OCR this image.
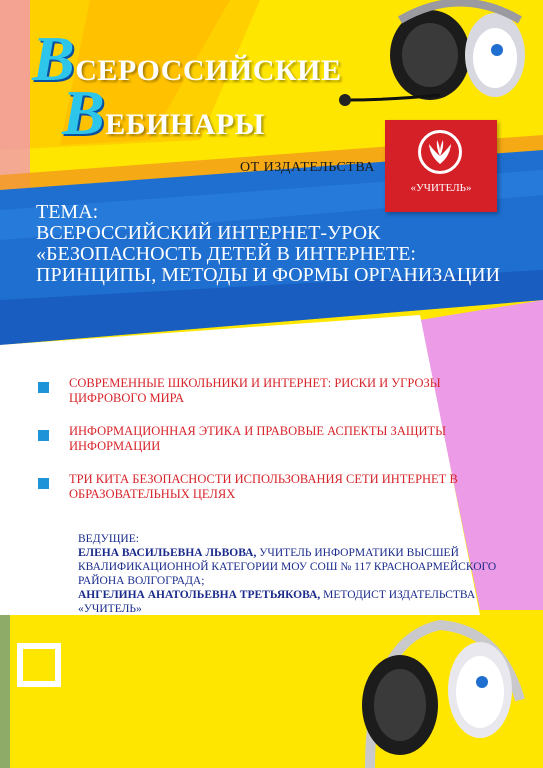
ВСЕРОССИЙСКИЕ
ВЕБИНАРЫ
ОТ ИЗДАТЕЛЬСТВА
«УЧИТЕЛЬ»
ТЕМА:
ВСЕРОССИЙСКИЙ ИНТЕРНЕТ-УРОК «БЕЗОПАСНОСТЬ ДЕТЕЙ В ИНТЕРНЕТЕ: ПРИНЦИПЫ, МЕТОДЫ И ФОРМЫ ОРГАНИЗАЦИИ
СОВРЕМЕННЫЕ ШКОЛЬНИКИ И ИНТЕРНЕТ: РИСКИ И УГРОЗЫ ЦИФРОВОГО МИРА
ИНФОРМАЦИОННАЯ ЭТИКА И ПРАВОВЫЕ АСПЕКТЫ ЗАЩИТЫ ИНФОРМАЦИИ
ТРИ КИТА БЕЗОПАСНОСТИ ИСПОЛЬЗОВАНИЯ СЕТИ ИНТЕРНЕТ В ОБРАЗОВАТЕЛЬНЫХ ЦЕЛЯХ
ВЕДУЩИЕ:
ЕЛЕНА ВАСИЛЬЕВНА ЛЬВОВА, УЧИТЕЛЬ ИНФОРМАТИКИ ВЫСШЕЙ КВАЛИФИКАЦИОННОЙ КАТЕГОРИИ МОУ СОШ № 117 КРАСНОАРМЕЙСКОГО РАЙОНА ВОЛГОГРАДА;
АНГЕЛИНА АНАТОЛЬЕВНА ТРЕТЬЯКОВА, МЕТОДИСТ ИЗДАТЕЛЬСТВА «УЧИТЕЛЬ»
